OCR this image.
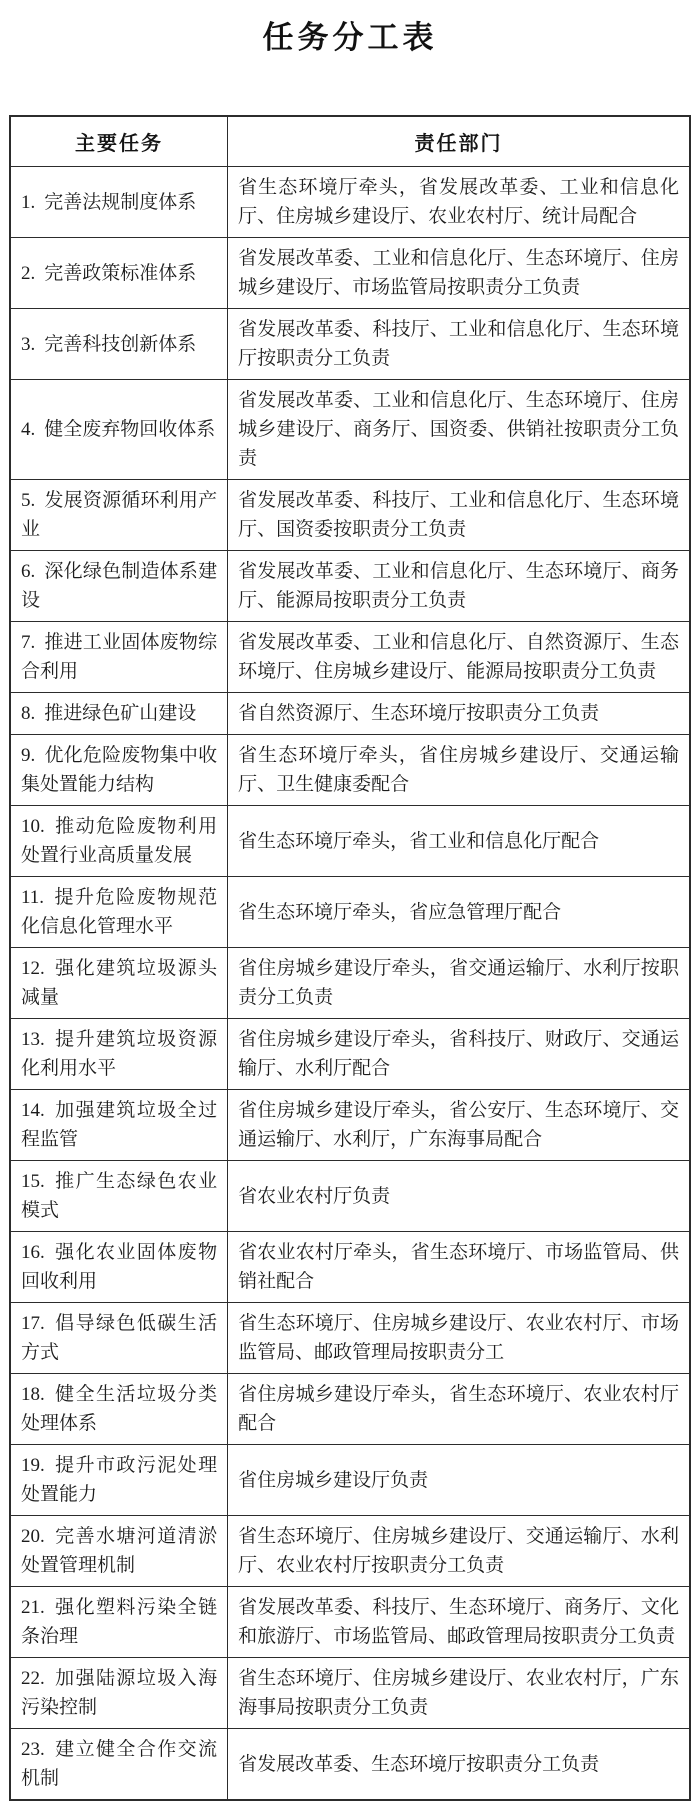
任务分工表
主要任务	责任部门
1. 完善法规制度体系	省生态环境厅牵头，省发展改革委、工业和信息化厅、住房城乡建设厅、农业农村厅、统计局配合
2. 完善政策标准体系	省发展改革委、工业和信息化厅、生态环境厅、住房城乡建设厅、市场监管局按职责分工负责
3. 完善科技创新体系	省发展改革委、科技厅、工业和信息化厅、生态环境厅按职责分工负责
4. 健全废弃物回收体系	省发展改革委、工业和信息化厅、生态环境厅、住房城乡建设厅、商务厅、国资委、供销社按职责分工负责
5. 发展资源循环利用产业	省发展改革委、科技厅、工业和信息化厅、生态环境厅、国资委按职责分工负责
6. 深化绿色制造体系建设	省发展改革委、工业和信息化厅、生态环境厅、商务厅、能源局按职责分工负责
7. 推进工业固体废物综合利用	省发展改革委、工业和信息化厅、自然资源厅、生态环境厅、住房城乡建设厅、能源局按职责分工负责
8. 推进绿色矿山建设	省自然资源厅、生态环境厅按职责分工负责
9. 优化危险废物集中收集处置能力结构	省生态环境厅牵头，省住房城乡建设厅、交通运输厅、卫生健康委配合
10. 推动危险废物利用处置行业高质量发展	省生态环境厅牵头，省工业和信息化厅配合
11. 提升危险废物规范化信息化管理水平	省生态环境厅牵头，省应急管理厅配合
12. 强化建筑垃圾源头减量	省住房城乡建设厅牵头，省交通运输厅、水利厅按职责分工负责
13. 提升建筑垃圾资源化利用水平	省住房城乡建设厅牵头，省科技厅、财政厅、交通运输厅、水利厅配合
14. 加强建筑垃圾全过程监管	省住房城乡建设厅牵头，省公安厅、生态环境厅、交通运输厅、水利厅，广东海事局配合
15. 推广生态绿色农业模式	省农业农村厅负责
16. 强化农业固体废物回收利用	省农业农村厅牵头，省生态环境厅、市场监管局、供销社配合
17. 倡导绿色低碳生活方式	省生态环境厅、住房城乡建设厅、农业农村厅、市场监管局、邮政管理局按职责分工
18. 健全生活垃圾分类处理体系	省住房城乡建设厅牵头，省生态环境厅、农业农村厅配合
19. 提升市政污泥处理处置能力	省住房城乡建设厅负责
20. 完善水塘河道清淤处置管理机制	省生态环境厅、住房城乡建设厅、交通运输厅、水利厅、农业农村厅按职责分工负责
21. 强化塑料污染全链条治理	省发展改革委、科技厅、生态环境厅、商务厅、文化和旅游厅、市场监管局、邮政管理局按职责分工负责
22. 加强陆源垃圾入海污染控制	省生态环境厅、住房城乡建设厅、农业农村厅，广东海事局按职责分工负责
23. 建立健全合作交流机制	省发展改革委、生态环境厅按职责分工负责
